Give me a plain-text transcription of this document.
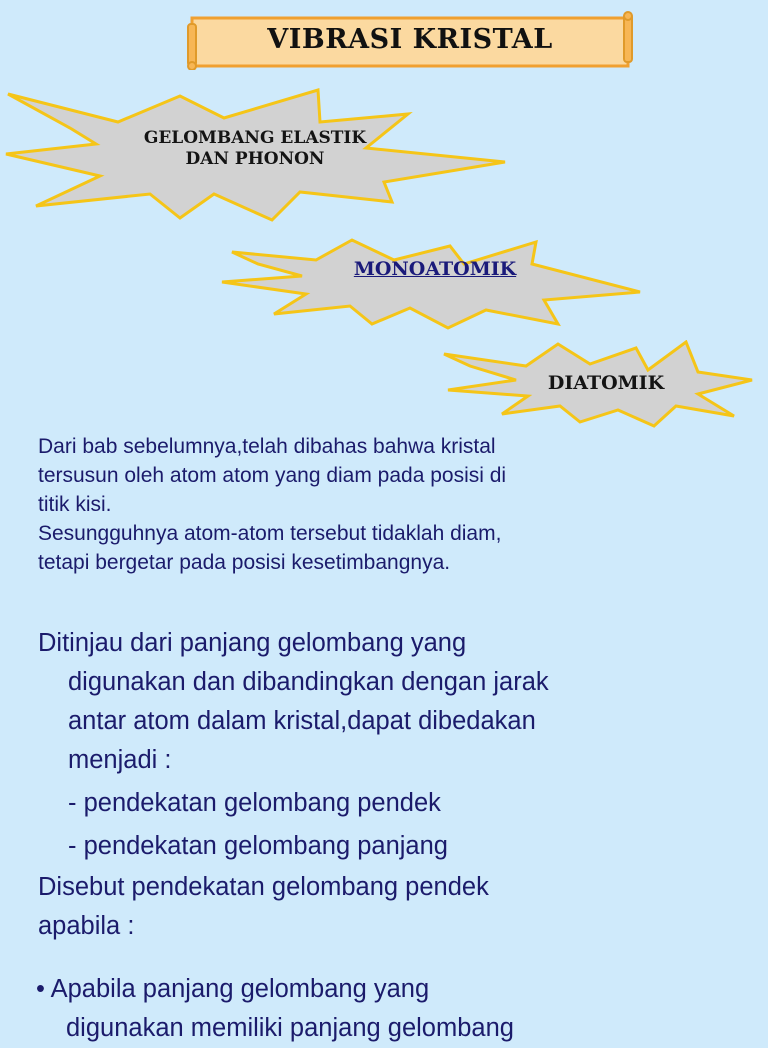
VIBRASI KRISTAL
GELOMBANG ELASTIK
DAN PHONON
MONOATOMIK
DIATOMIK
Dari bab sebelumnya,telah dibahas bahwa kristal
tersusun oleh atom atom yang diam pada posisi di
titik kisi.
Sesungguhnya atom-atom tersebut tidaklah diam,
tetapi bergetar pada posisi kesetimbangnya.
Ditinjau dari panjang gelombang yang
digunakan dan dibandingkan dengan jarak
antar atom dalam kristal,dapat dibedakan
menjadi :
- pendekatan gelombang pendek
- pendekatan gelombang panjang
Disebut pendekatan gelombang pendek
apabila :
• Apabila panjang gelombang yang
digunakan memiliki panjang gelombang
